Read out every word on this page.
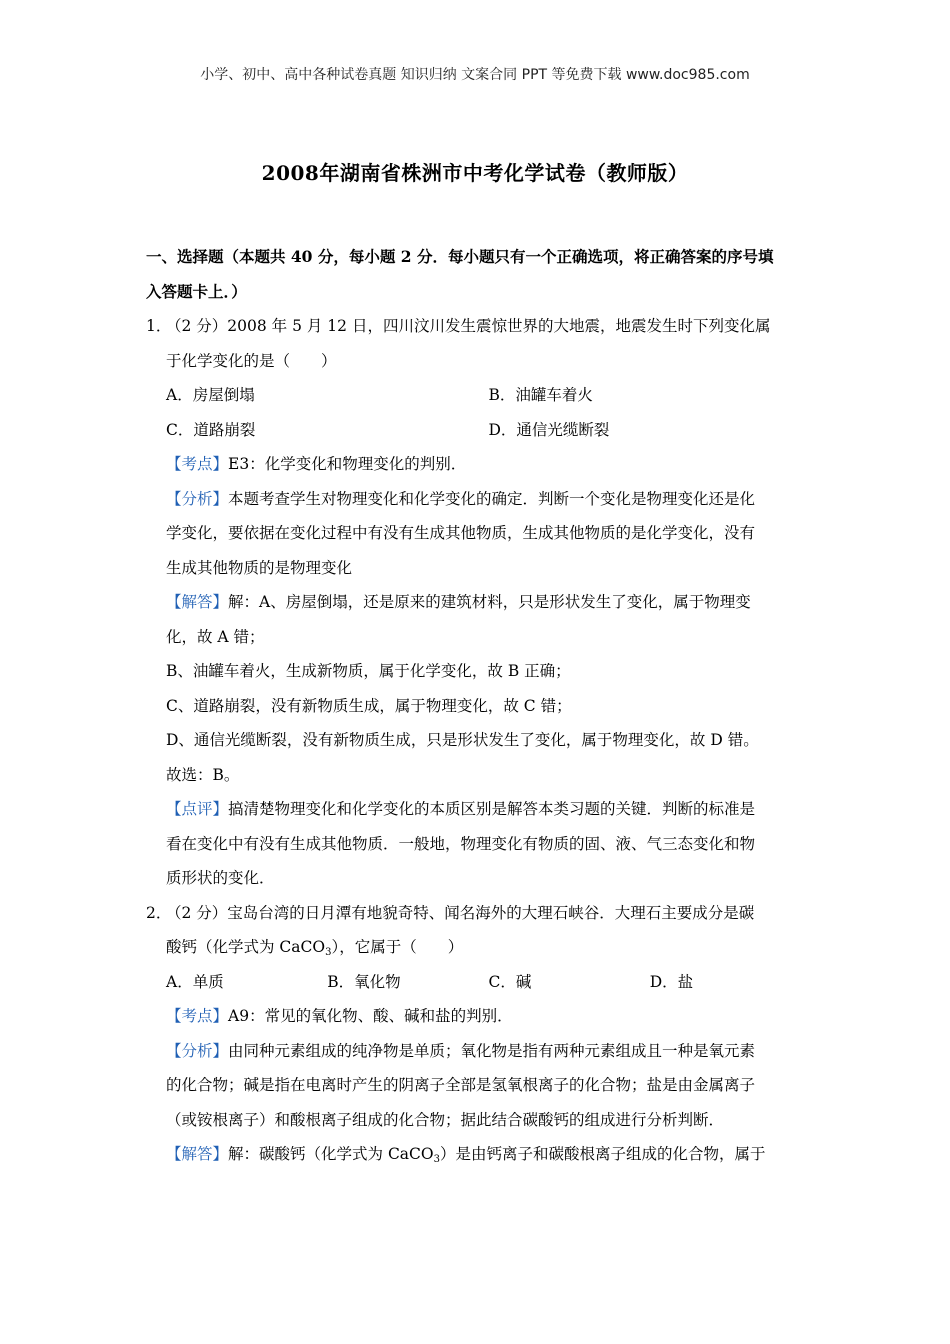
小学、初中、高中各种试卷真题 知识归纳 文案合同 PPT 等免费下载 www.doc985.com
2008年湖南省株洲市中考化学试卷（教师版）
一、选择题（本题共 40 分，每小题 2 分．每小题只有一个正确选项，将正确答案的序号填
入答题卡上．）
1．（2 分）2008 年 5 月 12 日，四川汶川发生震惊世界的大地震，地震发生时下列变化属
于化学变化的是（　　）
A．房屋倒塌	B．油罐车着火
C．道路崩裂	D．通信光缆断裂
【考点】E3：化学变化和物理变化的判别．
【分析】本题考查学生对物理变化和化学变化的确定．判断一个变化是物理变化还是化
学变化，要依据在变化过程中有没有生成其他物质，生成其他物质的是化学变化，没有
生成其他物质的是物理变化
【解答】解：A、房屋倒塌，还是原来的建筑材料，只是形状发生了变化，属于物理变
化，故 A 错；
B、油罐车着火，生成新物质，属于化学变化，故 B 正确；
C、道路崩裂，没有新物质生成，属于物理变化，故 C 错；
D、通信光缆断裂，没有新物质生成，只是形状发生了变化，属于物理变化，故 D 错。
故选：B。
【点评】搞清楚物理变化和化学变化的本质区别是解答本类习题的关键．判断的标准是
看在变化中有没有生成其他物质．一般地，物理变化有物质的固、液、气三态变化和物
质形状的变化．
2．（2 分）宝岛台湾的日月潭有地貌奇特、闻名海外的大理石峡谷．大理石主要成分是碳
酸钙（化学式为 CaCO$_3$），它属于（　　）
A．单质	B．氧化物	C．碱	D．盐
【考点】A9：常见的氧化物、酸、碱和盐的判别．
【分析】由同种元素组成的纯净物是单质；氧化物是指有两种元素组成且一种是氧元素
的化合物；碱是指在电离时产生的阴离子全部是氢氧根离子的化合物；盐是由金属离子
（或铵根离子）和酸根离子组成的化合物；据此结合碳酸钙的组成进行分析判断．
【解答】解：碳酸钙（化学式为 CaCO$_3$）是由钙离子和碳酸根离子组成的化合物，属于
